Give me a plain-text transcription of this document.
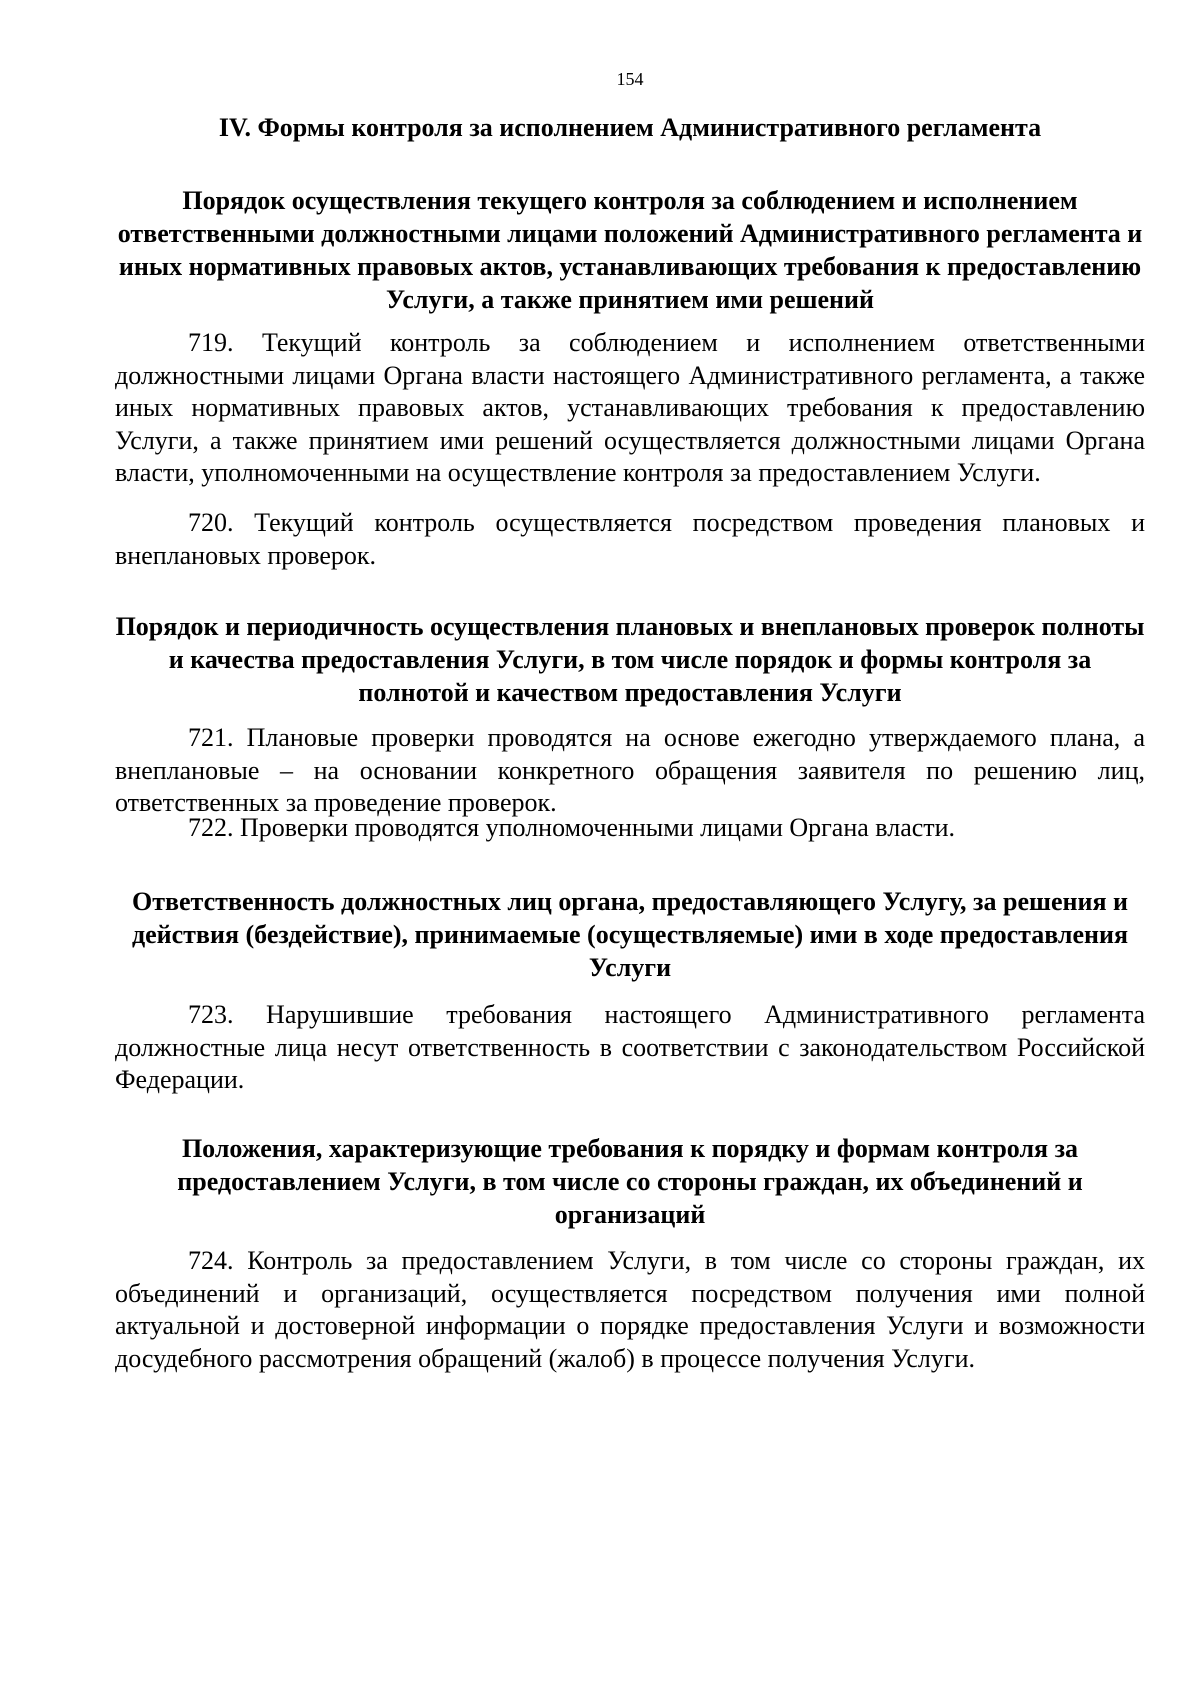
154
IV. Формы контроля за исполнением Административного регламента
Порядок осуществления текущего контроля за соблюдением и исполнением ответственными должностными лицами положений Административного регламента и иных нормативных правовых актов, устанавливающих требования к предоставлению Услуги, а также принятием ими решений
719. Текущий контроль за соблюдением и исполнением ответственными должностными лицами Органа власти настоящего Административного регламента, а также иных нормативных правовых актов, устанавливающих требования к предоставлению Услуги, а также принятием ими решений осуществляется должностными лицами Органа власти, уполномоченными на осуществление контроля за предоставлением Услуги.
720. Текущий контроль осуществляется посредством проведения плановых и внеплановых проверок.
Порядок и периодичность осуществления плановых и внеплановых проверок полноты и качества предоставления Услуги, в том числе порядок и формы контроля за полнотой и качеством предоставления Услуги
721. Плановые проверки проводятся на основе ежегодно утверждаемого плана, а внеплановые – на основании конкретного обращения заявителя по решению лиц, ответственных за проведение проверок.
722. Проверки проводятся уполномоченными лицами Органа власти.
Ответственность должностных лиц органа, предоставляющего Услугу, за решения и действия (бездействие), принимаемые (осуществляемые) ими в ходе предоставления Услуги
723. Нарушившие требования настоящего Административного регламента должностные лица несут ответственность в соответствии с законодательством Российской Федерации.
Положения, характеризующие требования к порядку и формам контроля за предоставлением Услуги, в том числе со стороны граждан, их объединений и организаций
724. Контроль за предоставлением Услуги, в том числе со стороны граждан, их объединений и организаций, осуществляется посредством получения ими полной актуальной и достоверной информации о порядке предоставления Услуги и возможности досудебного рассмотрения обращений (жалоб) в процессе получения Услуги.
